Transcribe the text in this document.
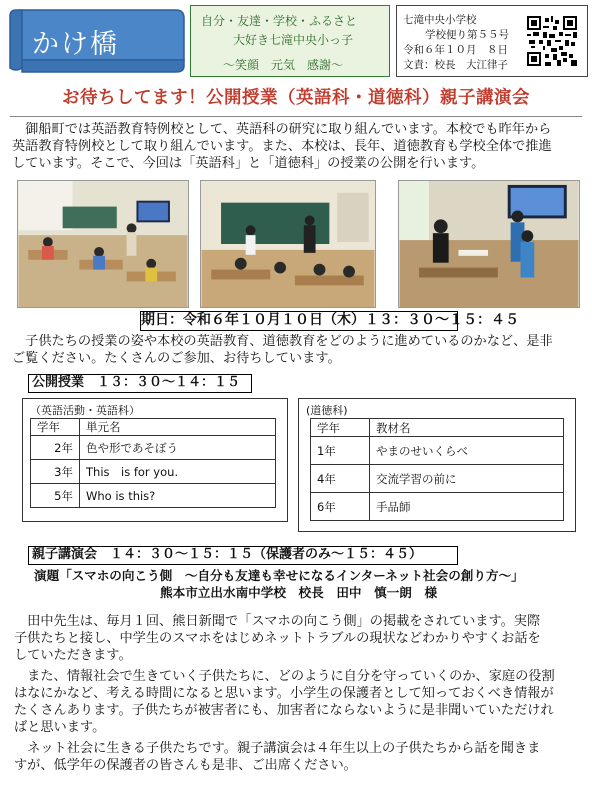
かけ橋
自分・友達・学校・ふるさと
大好き七滝中央小っ子
〜笑顔　元気　感謝〜
七滝中央小学校
学校便り第５５号
令和６年１０月　８日
文責：校長　大江律子
お待ちしてます！公開授業（英語科・道徳科）親子講演会
　御船町では英語教育特例校として、英語科の研究に取り組んでいます。本校でも昨年から
英語教育特例校として取り組んでいます。また、本校は、長年、道徳教育も学校全体で推進
しています。そこで、今回は「英語科」と「道徳科」の授業の公開を行います。
期日：令和６年１０月１０日（木）１３：３０〜１５：４５
　子供たちの授業の姿や本校の英語教育、道徳教育をどのように進めているのかなど、是非
ご覧ください。たくさんのご参加、お待ちしています。
公開授業　１３：３０〜１４：１５
（英語活動・英語科）
学年	単元名
2年	色や形であそぼう
3年	This　is for you.
5年	Who is this?
(道徳科)
学年	教材名
1年	やまのせいくらべ
4年	交流学習の前に
6年	手品師
親子講演会　１４：３０〜１５：１５（保護者のみ〜１５：４５）
演題「スマホの向こう側　〜自分も友達も幸せになるインターネット社会の創り方〜」
熊本市立出水南中学校　校長　田中　慎一朗　様
　田中先生は、毎月１回、熊日新聞で「スマホの向こう側」の掲載をされています。実際
子供たちと接し、中学生のスマホをはじめネットトラブルの現状などわかりやすくお話を
していただきます。
　また、情報社会で生きていく子供たちに、どのように自分を守っていくのか、家庭の役割
はなにかなど、考える時間になると思います。小学生の保護者として知っておくべき情報が
たくさんあります。子供たちが被害者にも、加害者にならないように是非聞いていただけれ
ばと思います。
　ネット社会に生きる子供たちです。親子講演会は４年生以上の子供たちから話を聞きま
すが、低学年の保護者の皆さんも是非、ご出席ください。
